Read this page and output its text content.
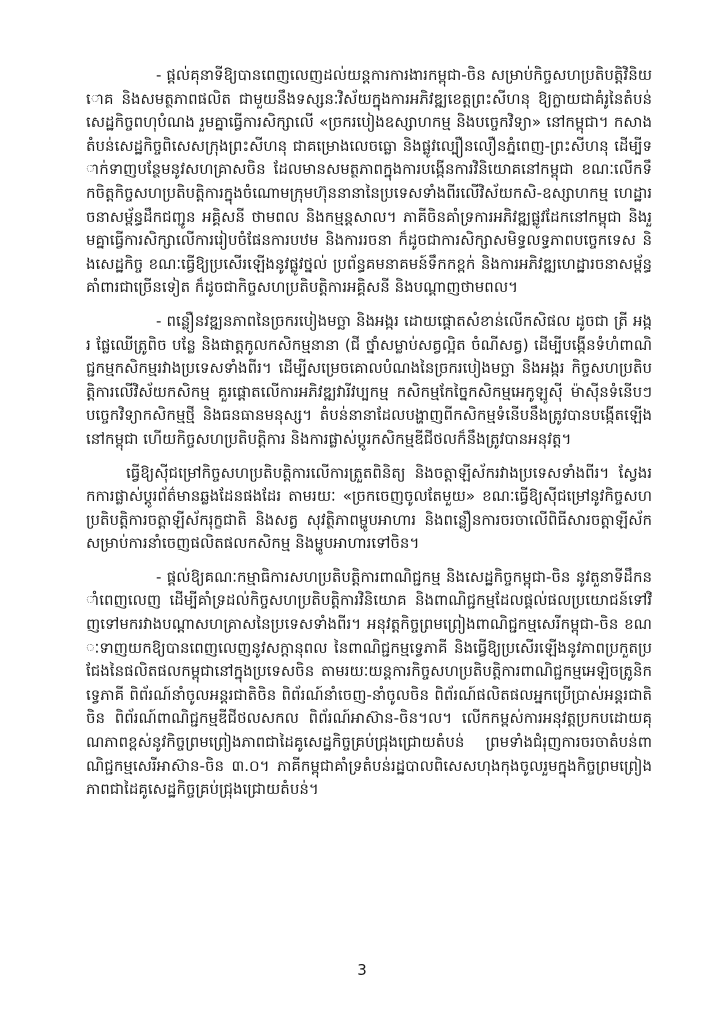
- ផ្តល់គុនាទីឱ្យបានពេញលេញដល់យន្តការការងារកម្ពុជា-ចិន សម្រាប់កិច្ចសហប្រតិបត្តិវិនិយោគ និងសមត្ថភាពផលិត ជាមួយនឹងទស្សនៈវិស័យក្នុងការអភិវឌ្ឍខេត្តព្រះសីហនុ ឱ្យក្លាយជាគំរូនៃតំបន់សេដ្ឋកិច្ចពហុបំណង រួមគ្នាធ្វើការសិក្សាលើ «ច្រករបៀងឧស្សាហកម្ម និងបច្ចេកវិទ្យា» នៅកម្ពុជា។ កសាងតំបន់សេដ្ឋកិច្ចពិសេសក្រុងព្រះសីហនុ ជាគម្រោងលេចធ្លោ និងផ្លូវល្បឿនលឿនភ្នំពេញ-ព្រះសីហនុ ដើម្បីទាក់ទាញបន្ថែមនូវសហគ្រាសចិន ដែលមានសមត្ថភាពក្នុងការបង្កើនការវិនិយោគនៅកម្ពុជា ខណៈលើកទឹកចិត្តកិច្ចសហប្រតិបត្តិការក្នុងចំណោមក្រុមហ៊ុននានានៃប្រទេសទាំងពីរលើវិស័យកសិ-ឧស្សាហកម្ម ហេដ្ឋារចនាសម្ព័ន្ធដឹកជញ្ជូន អគ្គិសនី ថាមពល និងកម្មន្តសាល។ ភាគីចិនគាំទ្រការអភិវឌ្ឍផ្លូវដែកនៅកម្ពុជា និងរួមគ្នាធ្វើការសិក្សាលើការរៀបចំផែនការបឋម និងការរចនា ក៏ដូចជាការសិក្សាសមិទ្ធលទ្ធភាពបច្ចេកទេស និងសេដ្ឋកិច្ច ខណៈធ្វើឱ្យប្រសើរឡើងនូវផ្លូវថ្នល់ ប្រព័ន្ធគមនាគមន៍ទឹកកខ្ពក់ និងការអភិវឌ្ឍហេដ្ឋារចនាសម្ព័ន្ធគាំពារជាច្រើនទៀត ក៏ដូចជាកិច្ចសហប្រតិបត្តិការអគ្គិសនី និងបណ្តាញថាមពល។

- ពន្លឿនវឌ្ឍនភាពនៃច្រករបៀងមច្ឆា និងអង្ករ ដោយផ្តោតសំខាន់លើកសិផល ដូចជា ត្រី អង្ករ ផ្លែឈើត្រូពិច បន្លែ និងផាត្តកូលកសិកម្មនានា (ជី ថ្នាំសម្លាប់សត្វល្អិត ចំណីសត្វ) ដើម្បីបង្កើនទំហំពាណិជ្ជកម្មកសិកម្មរវាងប្រទេសទាំងពីរ។ ដើម្បីសម្រេចគោលបំណងនៃច្រករបៀងមច្ឆា និងអង្ករ កិច្ចសហប្រតិបត្តិការលើវិស័យកសិកម្ម គួរផ្តោតលើការអភិវឌ្ឍវារីវប្បកម្ម កសិកម្មកែច្នៃកសិកម្មអេកូឡូស៊ី ម៉ាស៊ីនទំនើបៗ បច្ចេកវិទ្យាកសិកម្មថ្មី និងធនធានមនុស្ស។ តំបន់នានាដែលបង្ហាញពីកសិកម្មទំនើបនឹងត្រូវបានបង្កើតឡើងនៅកម្ពុជា ហើយកិច្ចសហប្រតិបត្តិការ និងការផ្លាស់ប្តូរកសិកម្មឌីជីថលក៏នឹងត្រូវបានអនុវត្ត។

ធ្វើឱ្យស៊ីជម្រៅកិច្ចសហប្រតិបត្តិការលើការត្រួតពិនិត្យ និងចត្តាឡីស័ករវាងប្រទេសទាំងពីរ។ ស្វែងរកការផ្លាស់ប្តូរព័ត៌មានឆ្លងដែនផងដែរ តាមរយៈ «ច្រកចេញចូលតែមួយ» ខណៈធ្វើឱ្យស៊ីជម្រៅនូវកិច្ចសហប្រតិបត្តិការចត្តាឡីស័ករុក្ខជាតិ និងសត្វ សុវត្ថិភាពម្ហូបអាហារ និងពន្លឿនការចរចាលើពិធីសារចត្តាឡីស័កសម្រាប់ការនាំចេញផលិតផលកសិកម្ម និងម្ហូបអាហារទៅចិន។

- ផ្តល់ឱ្យគណៈកម្មាធិការសហប្រតិបត្តិការពាណិជ្ជកម្ម និងសេដ្ឋកិច្ចកម្ពុជា-ចិន នូវតួនាទីដឹកនាំពេញលេញ ដើម្បីគាំទ្រដល់កិច្ចសហប្រតិបត្តិការវិនិយោគ និងពាណិជ្ជកម្មដែលផ្តល់ផលប្រយោជន៍ទៅវិញទៅមករវាងបណ្តាសហគ្រាសនៃប្រទេសទាំងពីរ។ អនុវត្តកិច្ចព្រមព្រៀងពាណិជ្ជកម្មសេរីកម្ពុជា-ចិន ខណៈទាញយកឱ្យបានពេញលេញនូវសក្តានុពល នៃពាណិជ្ជកម្មទ្វេភាគី និងធ្វើឱ្យប្រសើរឡើងនូវភាពប្រកួតប្រជែងនៃផលិតផលកម្ពុជានៅក្នុងប្រទេសចិន តាមរយៈយន្តការកិច្ចសហប្រតិបត្តិការពាណិជ្ជកម្មអេឡិចត្រូនិកទ្វេភាគី ពិព័រណ៍នាំចូលអន្តរជាតិចិន ពិព័រណ៍នាំចេញ-នាំចូលចិន ពិព័រណ៍ផលិតផលអ្នកប្រើប្រាស់អន្តរជាតិចិន ពិព័រណ៍ពាណិជ្ជកម្មឌីជីថលសកល ពិព័រណ៍អាស៊ាន-ចិន។ល។ លើកកម្ពស់ការអនុវត្តប្រកបដោយគុណភាពខ្ពស់នូវកិច្ចព្រមព្រៀងភាពជាដៃគូសេដ្ឋកិច្ចគ្រប់ជ្រុងជ្រោយតំបន់ ព្រមទាំងជំរុញការចរចាតំបន់ពាណិជ្ជកម្មសេរីអាស៊ាន-ចិន ៣.០។ ភាគីកម្ពុជាគាំទ្រតំបន់រដ្ឋបាលពិសេសហុងកុងចូលរួមក្នុងកិច្ចព្រមព្រៀងភាពជាដៃគូសេដ្ឋកិច្ចគ្រប់ជ្រុងជ្រោយតំបន់។

3
